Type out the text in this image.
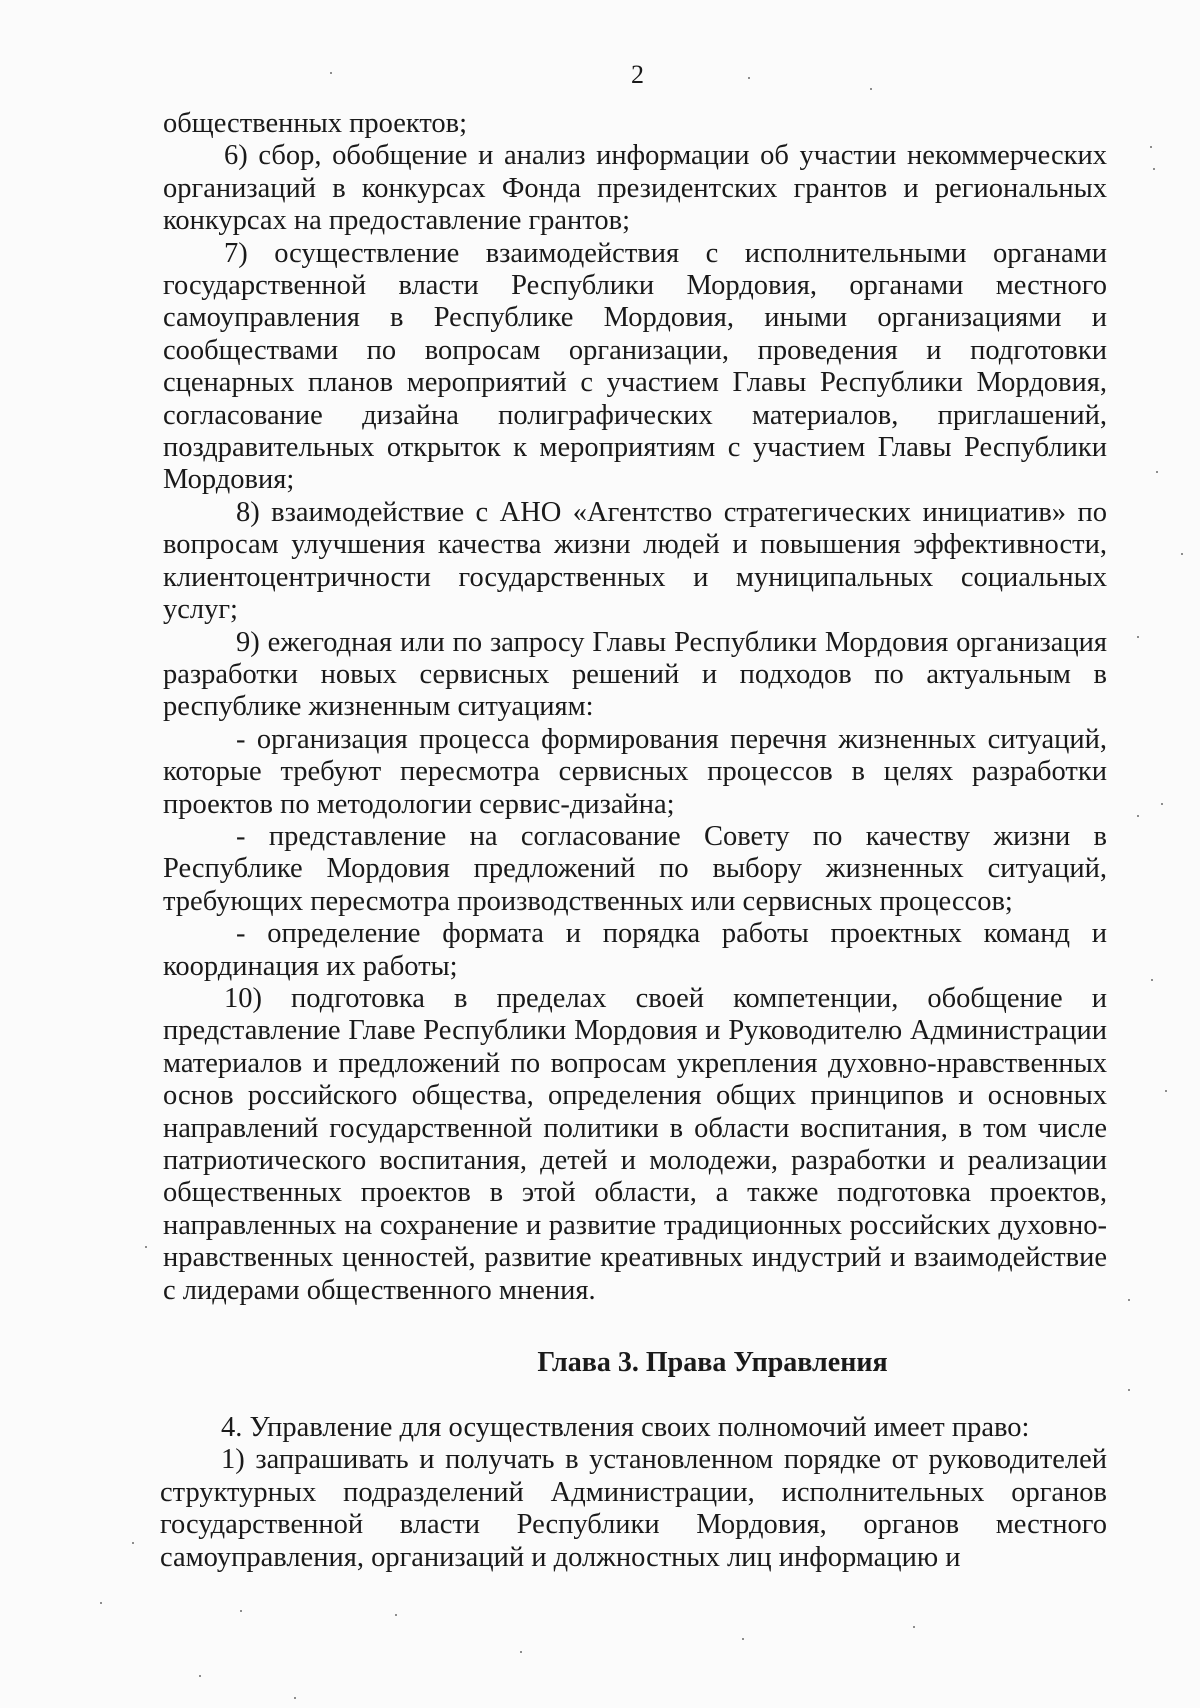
2

общественных проектов;

6) сбор, обобщение и анализ информации об участии некоммерческих организаций в конкурсах Фонда президентских грантов и региональных конкурсах на предоставление грантов;

7) осуществление взаимодействия с исполнительными органами государственной власти Республики Мордовия, органами местного самоуправления в Республике Мордовия, иными организациями и сообществами по вопросам организации, проведения и подготовки сценарных планов мероприятий с участием Главы Республики Мордовия, согласование дизайна полиграфических материалов, приглашений, поздравительных открыток к мероприятиям с участием Главы Республики Мордовия;

8) взаимодействие с АНО «Агентство стратегических инициатив» по вопросам улучшения качества жизни людей и повышения эффективности, клиентоцентричности государственных и муниципальных социальных услуг;

9) ежегодная или по запросу Главы Республики Мордовия организация разработки новых сервисных решений и подходов по актуальным в республике жизненным ситуациям:

- организация процесса формирования перечня жизненных ситуаций, которые требуют пересмотра сервисных процессов в целях разработки проектов по методологии сервис-дизайна;

- представление на согласование Совету по качеству жизни в Республике Мордовия предложений по выбору жизненных ситуаций, требующих пересмотра производственных или сервисных процессов;

- определение формата и порядка работы проектных команд и координация их работы;

10) подготовка в пределах своей компетенции, обобщение и представление Главе Республики Мордовия и Руководителю Администрации материалов и предложений по вопросам укрепления духовно-нравственных основ российского общества, определения общих принципов и основных направлений государственной политики в области воспитания, в том числе патриотического воспитания, детей и молодежи, разработки и реализации общественных проектов в этой области, а также подготовка проектов, направленных на сохранение и развитие традиционных российских духовно-нравственных ценностей, развитие креативных индустрий и взаимодействие с лидерами общественного мнения.

Глава 3. Права Управления

4. Управление для осуществления своих полномочий имеет право:

1) запрашивать и получать в установленном порядке от руководителей структурных подразделений Администрации, исполнительных органов государственной власти Республики Мордовия, органов местного самоуправления, организаций и должностных лиц информацию и
